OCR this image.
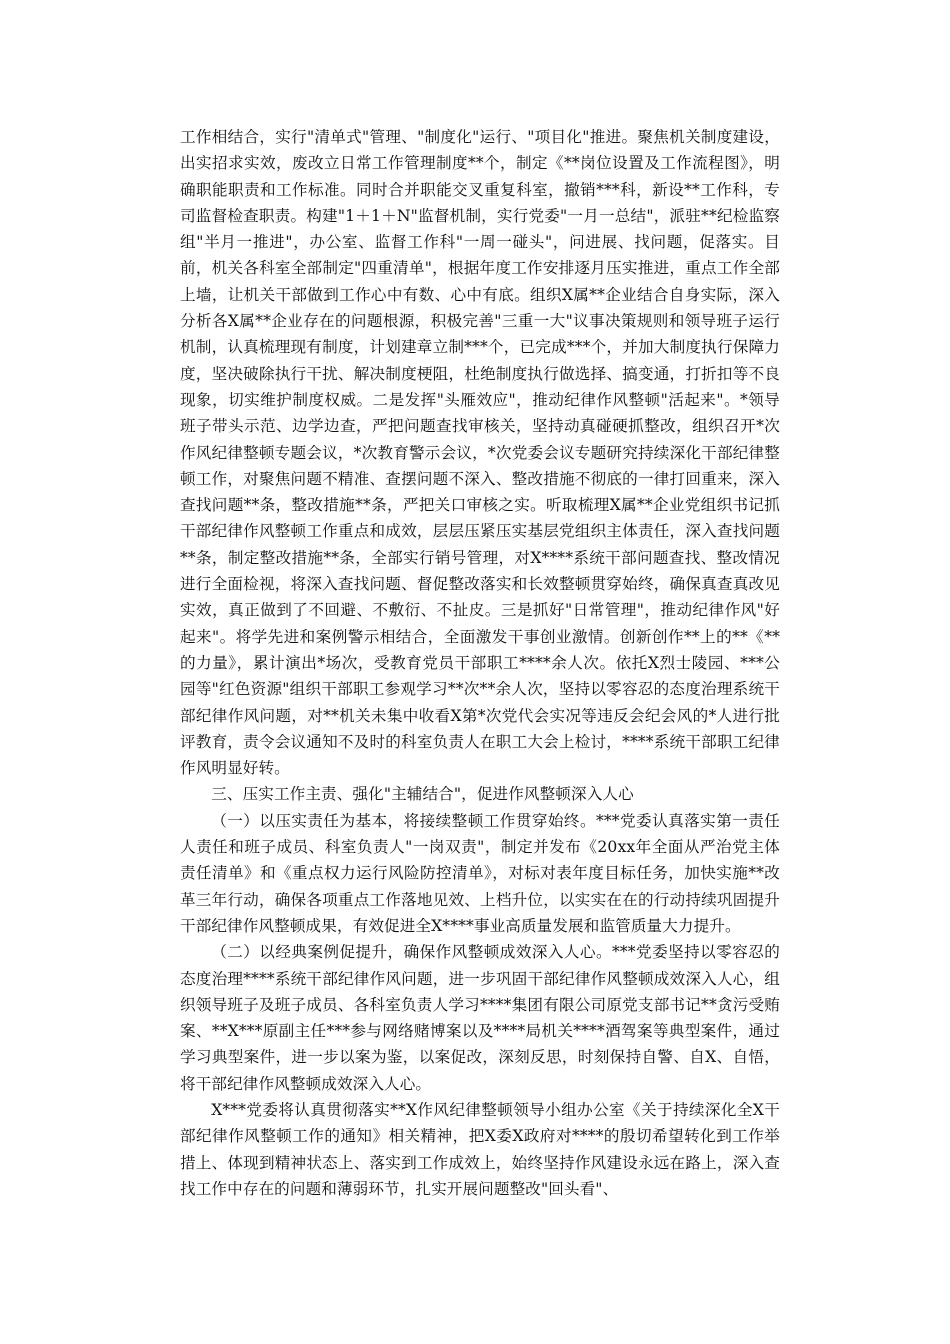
工作相结合，实行"清单式"管理、"制度化"运行、"项目化"推进。聚焦机关制度建设，出实招求实效，废改立日常工作管理制度**个，制定《**岗位设置及工作流程图》，明确职能职责和工作标准。同时合并职能交叉重复科室，撤销***科，新设**工作科，专司监督检查职责。构建"1＋1＋N"监督机制，实行党委"一月一总结"，派驻**纪检监察组"半月一推进"，办公室、监督工作科"一周一碰头"，问进展、找问题，促落实。目前，机关各科室全部制定"四重清单"，根据年度工作安排逐月压实推进，重点工作全部上墙，让机关干部做到工作心中有数、心中有底。组织X属**企业结合自身实际，深入分析各X属**企业存在的问题根源，积极完善"三重一大"议事决策规则和领导班子运行机制，认真梳理现有制度，计划建章立制***个，已完成***个，并加大制度执行保障力度，坚决破除执行干扰、解决制度梗阻，杜绝制度执行做选择、搞变通，打折扣等不良现象，切实维护制度权威。二是发挥"头雁效应"，推动纪律作风整顿"活起来"。*领导班子带头示范、边学边查，严把问题查找审核关，坚持动真碰硬抓整改，组织召开*次作风纪律整顿专题会议，*次教育警示会议，*次党委会议专题研究持续深化干部纪律整顿工作，对聚焦问题不精准、查摆问题不深入、整改措施不彻底的一律打回重来，深入查找问题**条，整改措施**条，严把关口审核之实。听取梳理X属**企业党组织书记抓干部纪律作风整顿工作重点和成效，层层压紧压实基层党组织主体责任，深入查找问题**条，制定整改措施**条，全部实行销号管理，对X****系统干部问题查找、整改情况进行全面检视，将深入查找问题、督促整改落实和长效整顿贯穿始终，确保真查真改见实效，真正做到了不回避、不敷衍、不扯皮。三是抓好"日常管理"，推动纪律作风"好起来"。将学先进和案例警示相结合，全面激发干事创业激情。创新创作**上的**《**的力量》，累计演出*场次，受教育党员干部职工****余人次。依托X烈士陵园、***公园等"红色资源"组织干部职工参观学习**次**余人次，坚持以零容忍的态度治理系统干部纪律作风问题，对**机关未集中收看X第*次党代会实况等违反会纪会风的*人进行批评教育，责令会议通知不及时的科室负责人在职工大会上检讨，****系统干部职工纪律作风明显好转。

三、压实工作主责、强化"主辅结合"，促进作风整顿深入人心

（一）以压实责任为基本，将接续整顿工作贯穿始终。***党委认真落实第一责任人责任和班子成员、科室负责人"一岗双责"，制定并发布《20xx年全面从严治党主体责任清单》和《重点权力运行风险防控清单》，对标对表年度目标任务，加快实施**改革三年行动，确保各项重点工作落地见效、上档升位，以实实在在的行动持续巩固提升干部纪律作风整顿成果，有效促进全X****事业高质量发展和监管质量大力提升。

（二）以经典案例促提升，确保作风整顿成效深入人心。***党委坚持以零容忍的态度治理****系统干部纪律作风问题，进一步巩固干部纪律作风整顿成效深入人心，组织领导班子及班子成员、各科室负责人学习****集团有限公司原党支部书记**贪污受贿案、**X***原副主任***参与网络赌博案以及****局机关****酒驾案等典型案件，通过学习典型案件，进一步以案为鉴，以案促改，深刻反思，时刻保持自警、自X、自悟，将干部纪律作风整顿成效深入人心。

X***党委将认真贯彻落实**X作风纪律整顿领导小组办公室《关于持续深化全X干部纪律作风整顿工作的通知》相关精神，把X委X政府对****的殷切希望转化到工作举措上、体现到精神状态上、落实到工作成效上，始终坚持作风建设永远在路上，深入查找工作中存在的问题和薄弱环节，扎实开展问题整改"回头看"、
